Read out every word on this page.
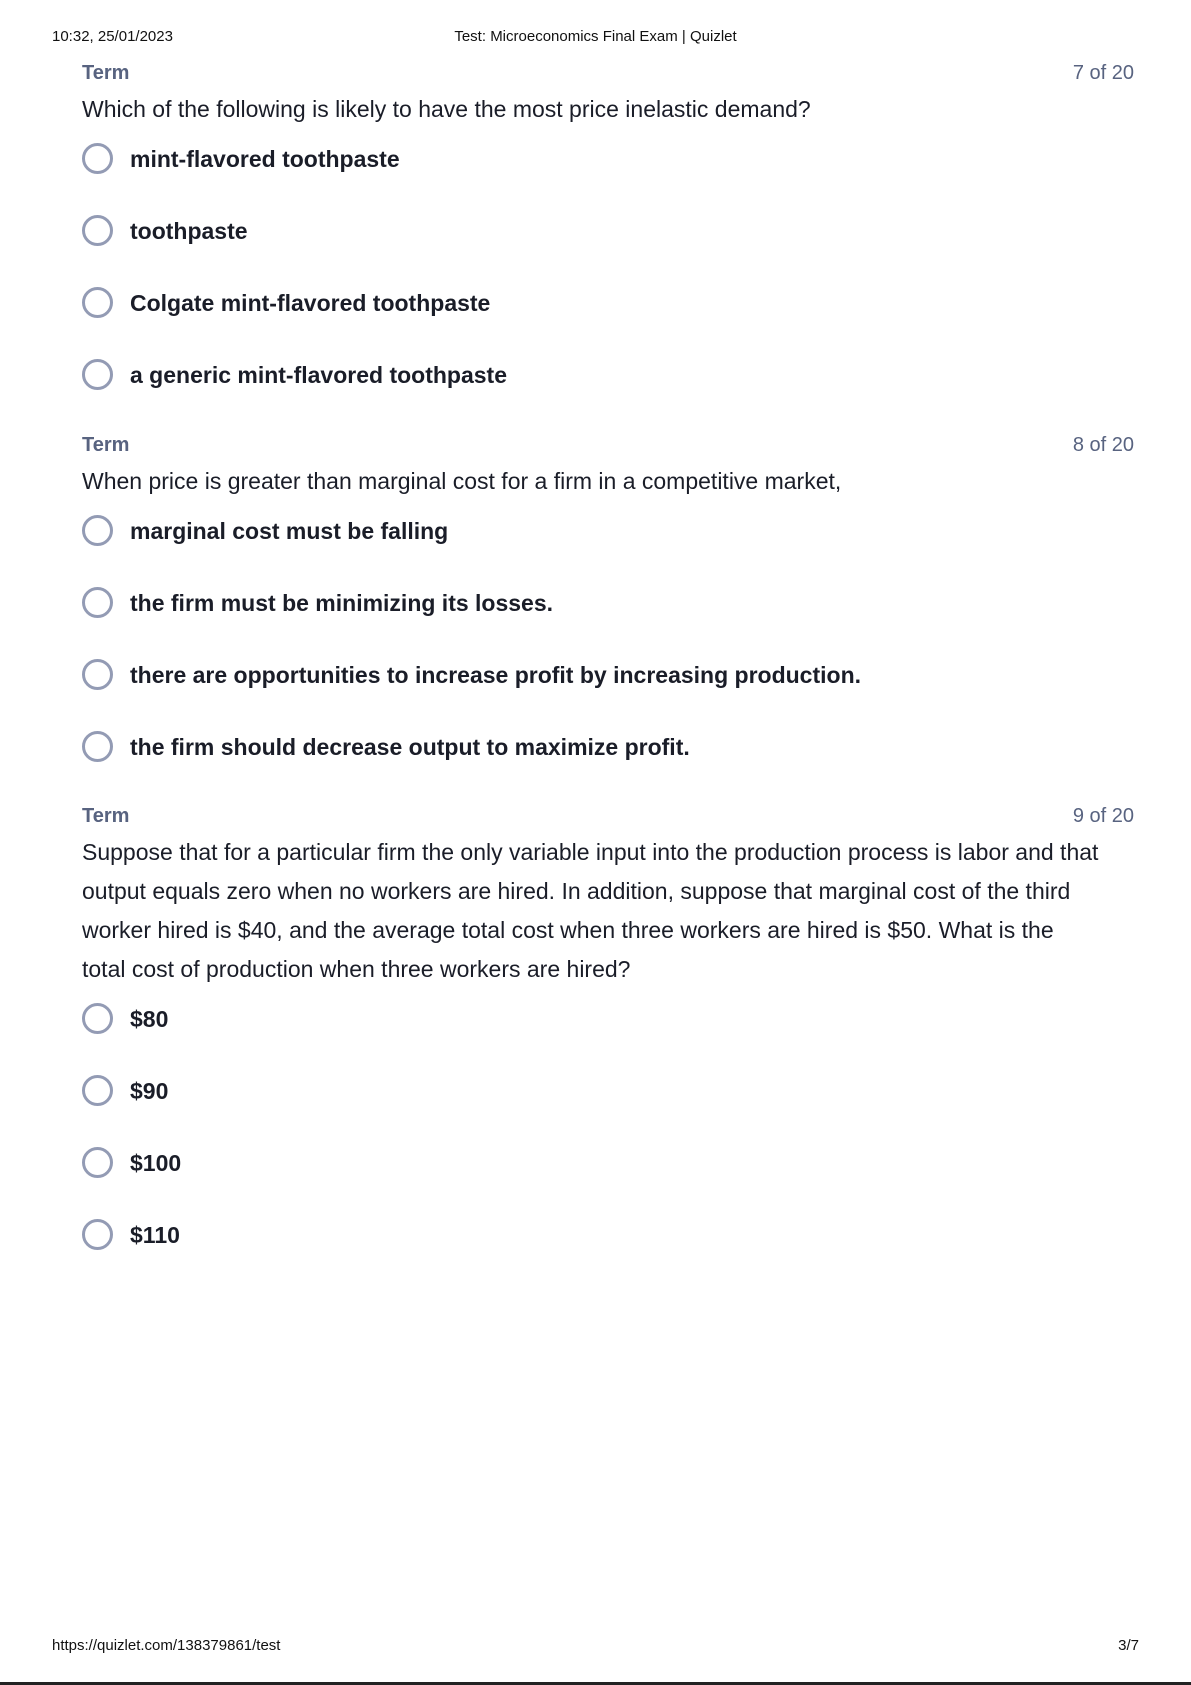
10:32, 25/01/2023	Test: Microeconomics Final Exam | Quizlet
Term	7 of 20
Which of the following is likely to have the most price inelastic demand?
mint-flavored toothpaste
toothpaste
Colgate mint-flavored toothpaste
a generic mint-flavored toothpaste
Term	8 of 20
When price is greater than marginal cost for a firm in a competitive market,
marginal cost must be falling
the firm must be minimizing its losses.
there are opportunities to increase profit by increasing production.
the firm should decrease output to maximize profit.
Term	9 of 20
Suppose that for a particular firm the only variable input into the production process is labor and that output equals zero when no workers are hired. In addition, suppose that marginal cost of the third worker hired is $40, and the average total cost when three workers are hired is $50. What is the total cost of production when three workers are hired?
$80
$90
$100
$110
https://quizlet.com/138379861/test	3/7
